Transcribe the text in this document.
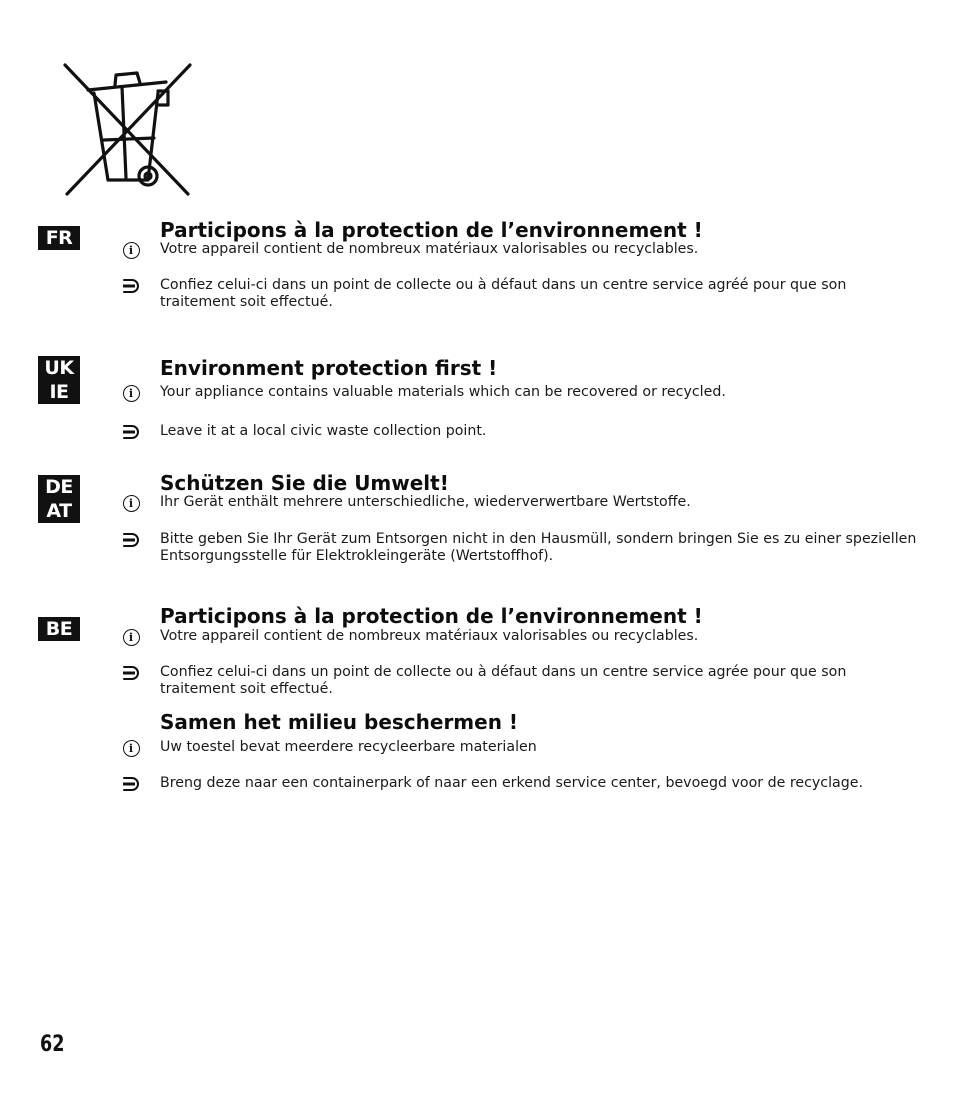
FR	Participons à la protection de l’environnement !
i	Votre appareil contient de nombreux matériaux valorisables ou recyclables.
Confiez celui-ci dans un point de collecte ou à défaut dans un centre service agréé pour que son traitement soit effectué.
UK
IE
Environment protection first !
i	Your appliance contains valuable materials which can be recovered or recycled.
Leave it at a local civic waste collection point.
DE
AT
Schützen Sie die Umwelt!
i	Ihr Gerät enthält mehrere unterschiedliche, wiederverwertbare Wertstoffe.
Bitte geben Sie Ihr Gerät zum Entsorgen nicht in den Hausmüll, sondern bringen Sie es zu einer speziellen Entsorgungsstelle für Elektrokleingeräte (Wertstoffhof).
BE
Participons à la protection de l’environnement !
i	Votre appareil contient de nombreux matériaux valorisables ou recyclables.
Confiez celui-ci dans un point de collecte ou à défaut dans un centre service agrée pour que son traitement soit effectué.
Samen het milieu beschermen !
i	Uw toestel bevat meerdere recycleerbare materialen
Breng deze naar een containerpark of naar een erkend service center, bevoegd voor de recyclage.
62
